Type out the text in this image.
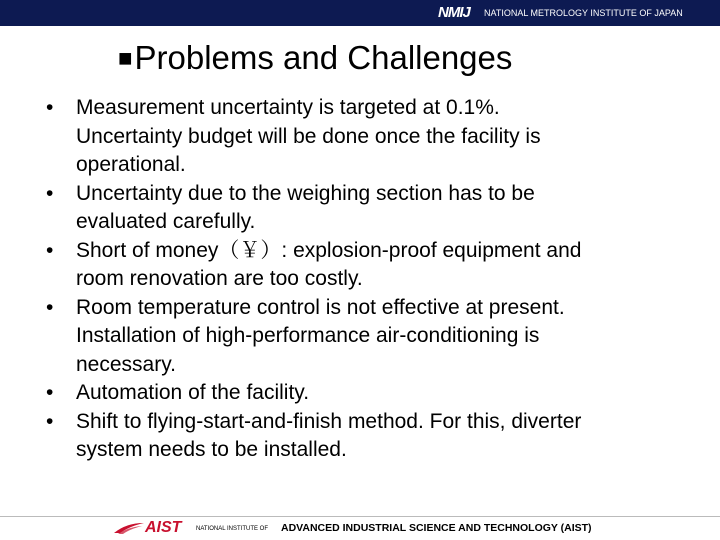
NMIJ NATIONAL METROLOGY INSTITUTE OF JAPAN
■Problems and Challenges
• Measurement uncertainty is targeted at 0.1%.
Uncertainty budget will be done once the facility is
operational.
• Uncertainty due to the weighing section has to be
evaluated carefully.
• Short of money（￥）: explosion-proof equipment and
room renovation are too costly.
• Room temperature control is not effective at present.
Installation of high-performance air-conditioning is
necessary.
• Automation of the facility.
• Shift to flying-start-and-finish method. For this, diverter
system needs to be installed.
AIST NATIONAL INSTITUTE OF ADVANCED INDUSTRIAL SCIENCE AND TECHNOLOGY (AIST)
